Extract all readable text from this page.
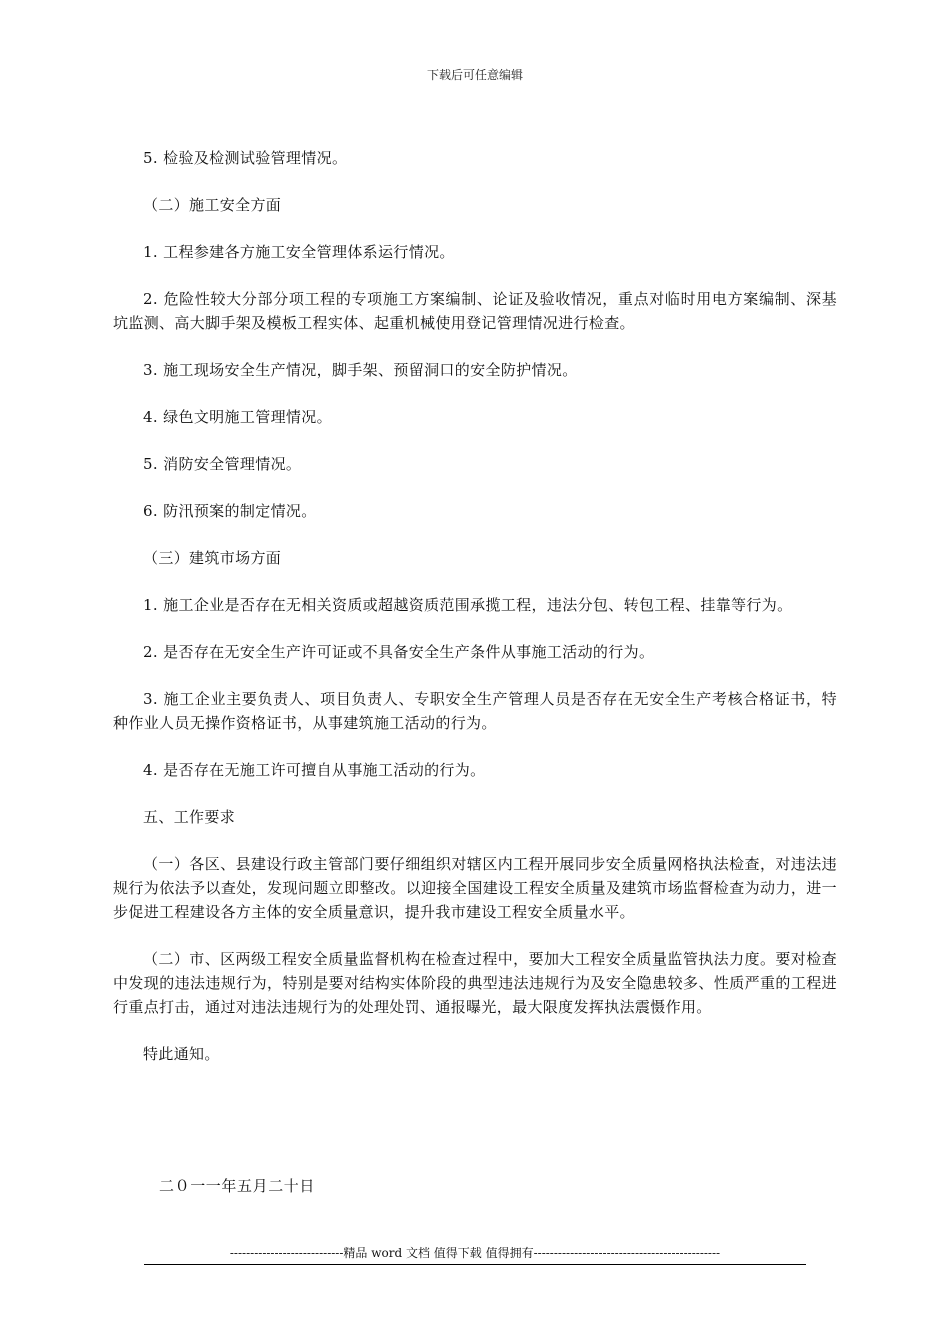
下载后可任意编辑

5. 检验及检测试验管理情况。

（二）施工安全方面

1. 工程参建各方施工安全管理体系运行情况。

2. 危险性较大分部分项工程的专项施工方案编制、论证及验收情况，重点对临时用电方案编制、深基坑监测、高大脚手架及模板工程实体、起重机械使用登记管理情况进行检查。

3. 施工现场安全生产情况，脚手架、预留洞口的安全防护情况。

4. 绿色文明施工管理情况。

5. 消防安全管理情况。

6. 防汛预案的制定情况。

（三）建筑市场方面

1. 施工企业是否存在无相关资质或超越资质范围承揽工程，违法分包、转包工程、挂靠等行为。

2. 是否存在无安全生产许可证或不具备安全生产条件从事施工活动的行为。

3. 施工企业主要负责人、项目负责人、专职安全生产管理人员是否存在无安全生产考核合格证书，特种作业人员无操作资格证书，从事建筑施工活动的行为。

4. 是否存在无施工许可擅自从事施工活动的行为。

五、工作要求

（一）各区、县建设行政主管部门要仔细组织对辖区内工程开展同步安全质量网格执法检查，对违法违规行为依法予以查处，发现问题立即整改。以迎接全国建设工程安全质量及建筑市场监督检查为动力，进一步促进工程建设各方主体的安全质量意识，提升我市建设工程安全质量水平。

（二）市、区两级工程安全质量监督机构在检查过程中，要加大工程安全质量监管执法力度。要对检查中发现的违法违规行为，特别是要对结构实体阶段的典型违法违规行为及安全隐患较多、性质严重的工程进行重点打击，通过对违法违规行为的处理处罚、通报曝光，最大限度发挥执法震慑作用。

特此通知。

二０一一年五月二十日
----------------------------精品 word 文档 值得下载 值得拥有----------------------------------------------
